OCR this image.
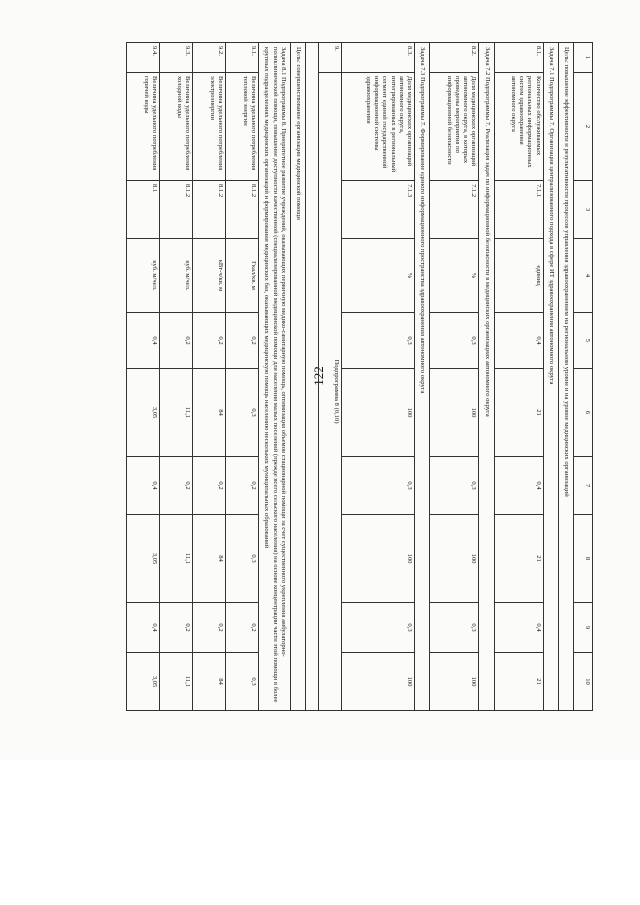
122
1	2	3	4	5	6	7	8	9	10
Цель: повышение эффективности и результативности процессов управления здравоохранением на региональном уровне и на уровне медицинских организаций									
Задача 7.1 Подпрограммы 7. Организация централизованного подхода в сфере ИТ здравоохранения автономного округа									
8.1.	Количество обслуживаемых региональных информационных систем здравоохранения автономного округа	7.1.1	единиц	0,4	21	0,4	21	0,4	21
Задача 7.2 Подпрограммы 7. Реализация задач по информационной безопасности в медицинских организациях автономного округа									
8.2.	Доля медицинских организаций автономного округа, в которых проведены мероприятия по информационной безопасности	7.1.2	%	0,3	100	0,3	100	0,3	100
Задача 7.3 Подпрограммы 7. Формирование единого информационного пространства здравоохранения автономного округа									
8.3.	Доля медицинских организаций автономного округа, интегрированных в региональный сегмент единой государственной информационной системы здравоохранения	7.1.3	%	0,3	100	0,3	100	0,3	100
9.	Подпрограмма 8 (0,10)								

Цель: совершенствование организации медицинской помощи									
Задача 8.1 Подпрограммы 8. Приоритетное развитие учреждений, оказывающих первичную медико-санитарную помощь, оптимизация объемов стационарной помощи за счет существенного укрепления амбулаторно-поликлинической помощи, повышение доступности качественной (специализированной медицинской помощи для населения малых поселений (прежде всего сельского населения) на основе концентрации части этой помощи в более крупных подразделениях медицинских организаций и формирования медицинских баз, оказывающих медицинскую помощь населению нескольких муниципальных образований									
9.1.	Величина удельного потребления тепловой энергии	8.1.2	Гкал/кв. м	0,2	0,3	0,2	0,3	0,2	0,3
9.2.	Величина удельного потребления электроэнергии	8.1.2	кВт-ч/кв. м	0,2	84	0,2	84	0,2	84
9.3.	Величина удельного потребления холодной воды	8.1.2	куб. м/чел.	0,2	11,1	0,2	11,1	0,2	11,1
9.4.	Величина удельного потребления горячей воды	8.1	куб. м/чел.	0,4	3,05	0,4	3,05	0,4	3,05
